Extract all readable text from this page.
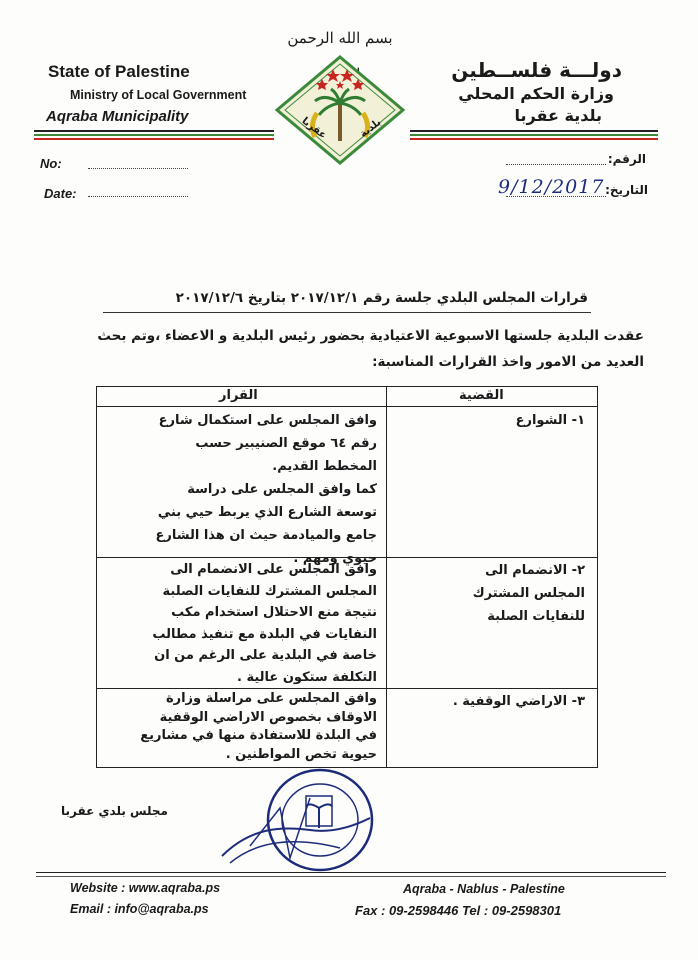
بسم الله الرحمن
State of Palestine
Ministry of Local Government
Aqraba Municipality
دولـــة فلســطين
وزارة الحكم المحلي
بلدية عقربا
عقربا	بلدية
No:
Date:
الرقم:
التاريخ:
9/12/2017
قرارات المجلس البلدي جلسة رقم ٢٠١٧/١٢/١ بتاريخ ٢٠١٧/١٢/٦
عقدت البلدية جلستها الاسبوعية الاعتيادية بحضور رئيس البلدية و الاعضاء ،وتم بحث
العديد من الامور واخذ القرارات المناسبة:
القرار	القضية
١- الشوارع
وافق المجلس على استكمال شارع
رقم ٦٤ موقع الصنيبير حسب
المخطط القديم.
كما وافق المجلس على دراسة
توسعة الشارع الذي يربط حيي بني
جامع والميادمة حيث ان هذا الشارع
حيوي ومهم .
٢- الانضمام الى
المجلس المشترك
للنفايات الصلبة
وافق المجلس على الانضمام الى
المجلس المشترك للنفايات الصلبة
نتيجة منع الاحتلال استخدام مكب
النفايات في البلدة مع تنفيذ مطالب
خاصة في البلدية على الرغم من ان
التكلفة ستكون عالية .
٣- الاراضي الوقفية .
وافق المجلس على مراسلة وزارة
الاوقاف بخصوص الاراضي الوقفية
في البلدة للاستفادة منها في مشاريع
حيوية تخص المواطنين .
مجلس بلدي عقربا
Website : www.aqraba.ps
Email : info@aqraba.ps
Aqraba - Nablus - Palestine
Fax : 09-2598446 Tel : 09-2598301
